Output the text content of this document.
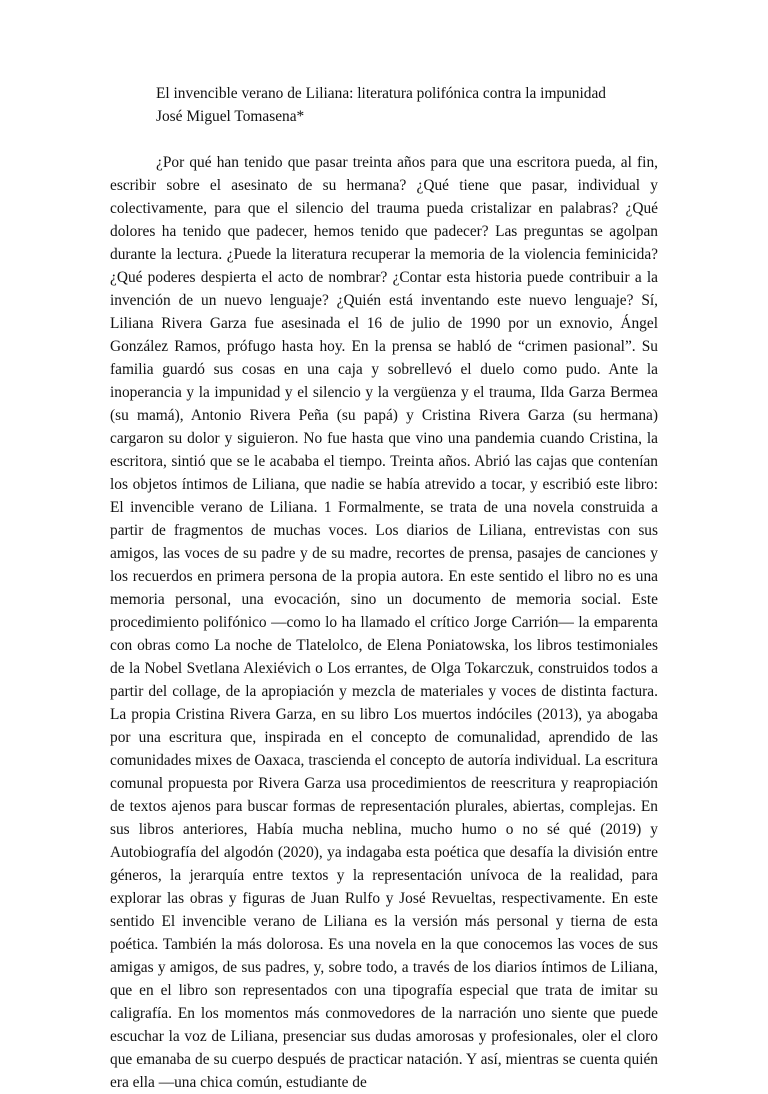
El invencible verano de Liliana: literatura polifónica contra la impunidad
José Miguel Tomasena*

¿Por qué han tenido que pasar treinta años para que una escritora pueda, al fin, escribir sobre el asesinato de su hermana? ¿Qué tiene que pasar, individual y colectivamente, para que el silencio del trauma pueda cristalizar en palabras? ¿Qué dolores ha tenido que padecer, hemos tenido que padecer? Las preguntas se agolpan durante la lectura. ¿Puede la literatura recuperar la memoria de la violencia feminicida? ¿Qué poderes despierta el acto de nombrar? ¿Contar esta historia puede contribuir a la invención de un nuevo lenguaje? ¿Quién está inventando este nuevo lenguaje? Sí, Liliana Rivera Garza fue asesinada el 16 de julio de 1990 por un exnovio, Ángel González Ramos, prófugo hasta hoy. En la prensa se habló de “crimen pasional”. Su familia guardó sus cosas en una caja y sobrellevó el duelo como pudo. Ante la inoperancia y la impunidad y el silencio y la vergüenza y el trauma, Ilda Garza Bermea (su mamá), Antonio Rivera Peña (su papá) y Cristina Rivera Garza (su hermana) cargaron su dolor y siguieron. No fue hasta que vino una pandemia cuando Cristina, la escritora, sintió que se le acababa el tiempo. Treinta años. Abrió las cajas que contenían los objetos íntimos de Liliana, que nadie se había atrevido a tocar, y escribió este libro: El invencible verano de Liliana. 1 Formalmente, se trata de una novela construida a partir de fragmentos de muchas voces. Los diarios de Liliana, entrevistas con sus amigos, las voces de su padre y de su madre, recortes de prensa, pasajes de canciones y los recuerdos en primera persona de la propia autora. En este sentido el libro no es una memoria personal, una evocación, sino un documento de memoria social. Este procedimiento polifónico —como lo ha llamado el crítico Jorge Carrión— la emparenta con obras como La noche de Tlatelolco, de Elena Poniatowska, los libros testimoniales de la Nobel Svetlana Alexiévich o Los errantes, de Olga Tokarczuk, construidos todos a partir del collage, de la apropiación y mezcla de materiales y voces de distinta factura. La propia Cristina Rivera Garza, en su libro Los muertos indóciles (2013), ya abogaba por una escritura que, inspirada en el concepto de comunalidad, aprendido de las comunidades mixes de Oaxaca, trascienda el concepto de autoría individual. La escritura comunal propuesta por Rivera Garza usa procedimientos de reescritura y reapropiación de textos ajenos para buscar formas de representación plurales, abiertas, complejas. En sus libros anteriores, Había mucha neblina, mucho humo o no sé qué (2019) y Autobiografía del algodón (2020), ya indagaba esta poética que desafía la división entre géneros, la jerarquía entre textos y la representación unívoca de la realidad, para explorar las obras y figuras de Juan Rulfo y José Revueltas, respectivamente. En este sentido El invencible verano de Liliana es la versión más personal y tierna de esta poética. También la más dolorosa. Es una novela en la que conocemos las voces de sus amigas y amigos, de sus padres, y, sobre todo, a través de los diarios íntimos de Liliana, que en el libro son representados con una tipografía especial que trata de imitar su caligrafía. En los momentos más conmovedores de la narración uno siente que puede escuchar la voz de Liliana, presenciar sus dudas amorosas y profesionales, oler el cloro que emanaba de su cuerpo después de practicar natación. Y así, mientras se cuenta quién era ella —una chica común, estudiante de
